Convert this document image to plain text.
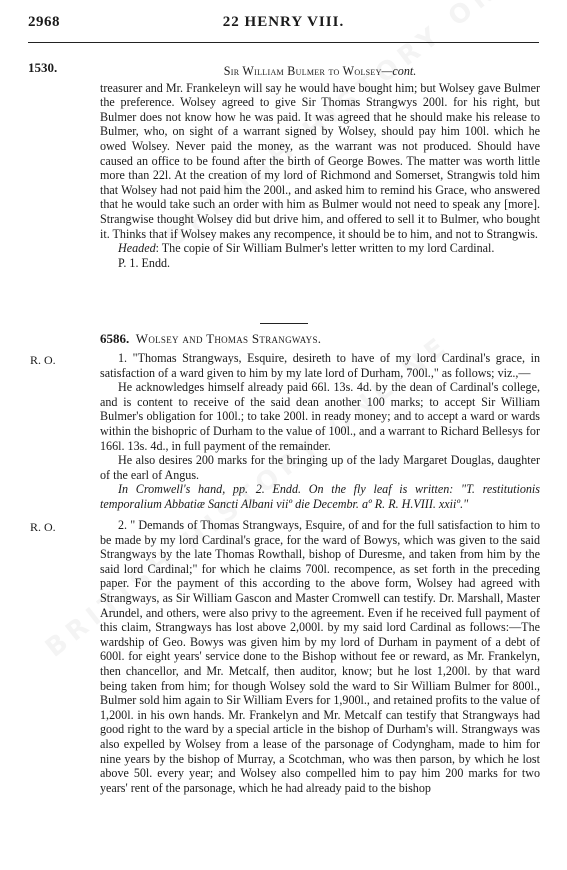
2968	22 HENRY VIII.
1530.	Sir William Bulmer to Wolsey—cont.

treasurer and Mr. Frankeleyn will say he would have bought him; but Wolsey gave Bulmer the preference. Wolsey agreed to give Sir Thomas Strangwys 200l. for his right, but Bulmer does not know how he was paid. It was agreed that he should make his release to Bulmer, who, on sight of a warrant signed by Wolsey, should pay him 100l. which he owed Wolsey. Never paid the money, as the warrant was not produced. Should have caused an office to be found after the birth of George Bowes. The matter was worth little more than 22l. At the creation of my lord of Richmond and Somerset, Strangwis told him that Wolsey had not paid him the 200l., and asked him to remind his Grace, who answered that he would take such an order with him as Bulmer would not need to speak any [more]. Strangwise thought Wolsey did but drive him, and offered to sell it to Bulmer, who bought it. Thinks that if Wolsey makes any recompence, it should be to him, and not to Strangwis.

Headed: The copie of Sir William Bulmer's letter written to my lord Cardinal.

P. 1. Endd.

6586. Wolsey and Thomas Strangways.
R. O.	1. "Thomas Strangways, Esquire, desireth to have of my lord Cardinal's grace, in satisfaction of a ward given to him by my late lord of Durham, 700l.," as follows; viz.,—

He acknowledges himself already paid 66l. 13s. 4d. by the dean of Cardinal's college, and is content to receive of the said dean another 100 marks; to accept Sir William Bulmer's obligation for 100l.; to take 200l. in ready money; and to accept a ward or wards within the bishopric of Durham to the value of 100l., and a warrant to Richard Bellesys for 166l. 13s. 4d., in full payment of the remainder.

He also desires 200 marks for the bringing up of the lady Margaret Douglas, daughter of the earl of Angus.

In Cromwell's hand, pp. 2. Endd. On the fly leaf is written: "T. restitutionis temporalium Abbatiæ Sancti Albani viiº die Decembr. aº R. R. H.VIII. xxiiº."

R. O.	2. " Demands of Thomas Strangways, Esquire, of and for the full satisfaction to him to be made by my lord Cardinal's grace, for the ward of Bowys, which was given to the said Strangways by the late Thomas Rowthall, bishop of Duresme, and taken from him by the said lord Cardinal;" for which he claims 700l. recompence, as set forth in the preceding paper. For the payment of this according to the above form, Wolsey had agreed with Strangways, as Sir William Gascon and Master Cromwell can testify. Dr. Marshall, Master Arundel, and others, were also privy to the agreement. Even if he received full payment of this claim, Strangways has lost above 2,000l. by my said lord Cardinal as follows:—The wardship of Geo. Bowys was given him by my lord of Durham in payment of a debt of 600l. for eight years' service done to the Bishop without fee or reward, as Mr. Frankelyn, then chancellor, and Mr. Metcalf, then auditor, know; but he lost 1,200l. by that ward being taken from him; for though Wolsey sold the ward to Sir William Bulmer for 800l., Bulmer sold him again to Sir William Evers for 1,900l., and retained profits to the value of 1,200l. in his own hands. Mr. Frankelyn and Mr. Metcalf can testify that Strangways had good right to the ward by a special article in the bishop of Durham's will. Strangways was also expelled by Wolsey from a lease of the parsonage of Codyngham, made to him for nine years by the bishop of Murray, a Scotchman, who was then parson, by which he lost above 50l. every year; and Wolsey also compelled him to pay him 200 marks for two years' rent of the parsonage, which he had already paid to the bishop
